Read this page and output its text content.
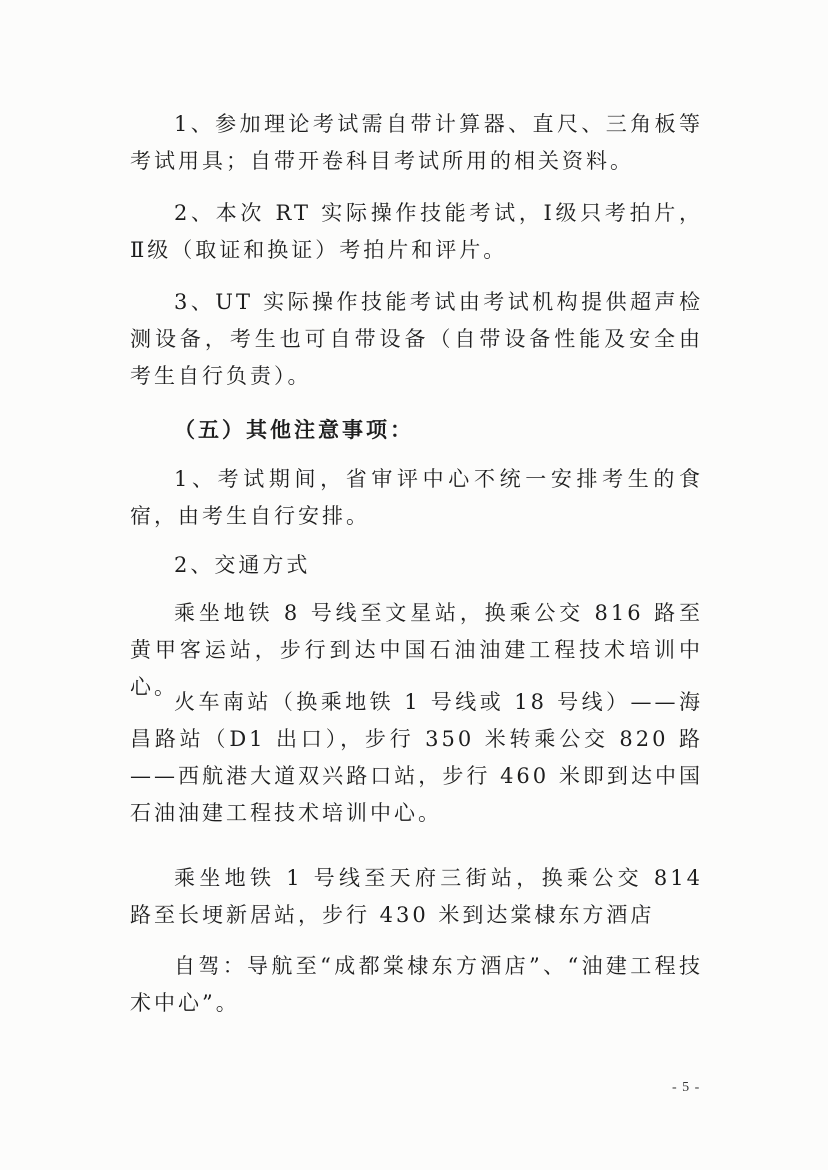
1、参加理论考试需自带计算器、直尺、三角板等考试用具；自带开卷科目考试所用的相关资料。

2、本次 RT 实际操作技能考试，Ⅰ级只考拍片，Ⅱ级（取证和换证）考拍片和评片。

3、UT 实际操作技能考试由考试机构提供超声检测设备，考生也可自带设备（自带设备性能及安全由考生自行负责）。

（五）其他注意事项：

1、考试期间，省审评中心不统一安排考生的食宿，由考生自行安排。

2、交通方式

乘坐地铁 8 号线至文星站，换乘公交 816 路至黄甲客运站，步行到达中国石油油建工程技术培训中心。

火车南站（换乘地铁 1 号线或 18 号线）——海昌路站（D1 出口），步行 350 米转乘公交 820 路——西航港大道双兴路口站，步行 460 米即到达中国石油油建工程技术培训中心。

乘坐地铁 1 号线至天府三街站，换乘公交 814 路至长埂新居站，步行 430 米到达棠棣东方酒店

自驾：导航至“成都棠棣东方酒店”、“油建工程技术中心”。

- 5 -
